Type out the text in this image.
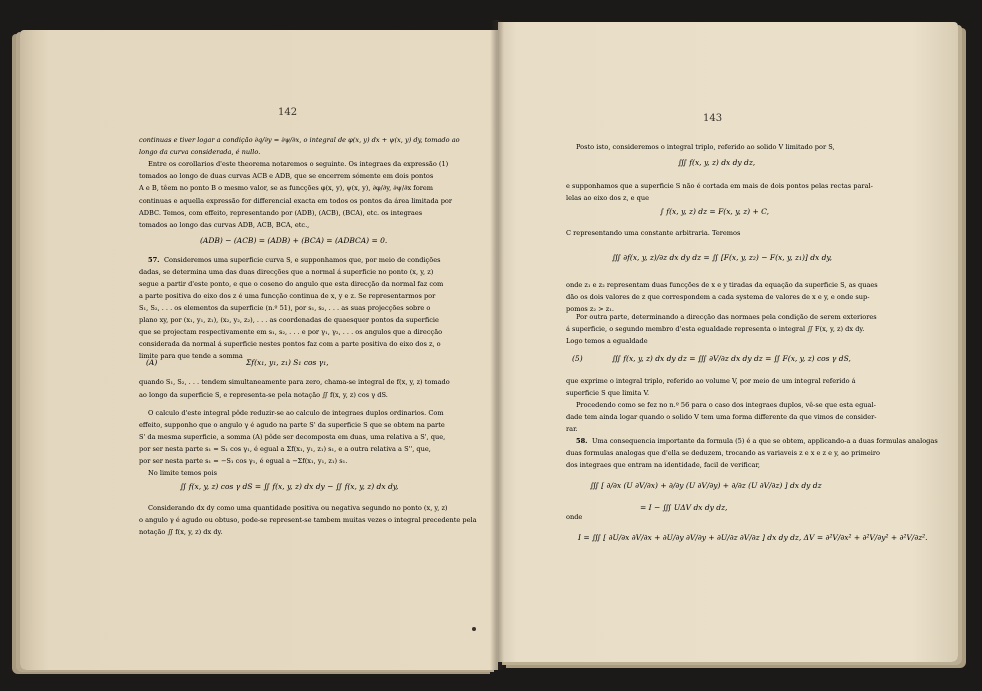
142
143
continuas e tiver logar a condição ∂q/∂y = ∂ψ/∂x, o integral de φ(x, y) dx + ψ(x, y) dy, tomado ao
longo da curva considerada, é nullo.
Entre os corollarios d'este theorema notaremos o seguinte. Os integraes da expressão (1)
tomados ao longo de duas curvas ACB e ADB, que se encerrem sómente em dois pontos
A e B, têem no ponto B o mesmo valor, se as funcções φ(x, y), ψ(x, y), ∂φ/∂y, ∂ψ/∂x forem
continuas e aquella expressão for differencial exacta em todos os pontos da área limitada por
ADBC. Temos, com effeito, representando por (ADB), (ACB), (BCA), etc. os integraes
tomados ao longo das curvas ADB, ACB, BCA, etc.,
(ADB) − (ACB) = (ADB) + (BCA) = (ADBCA) = 0.
57. Consideremos uma superficie curva S, e supponhamos que, por meio de condições
dadas, se determina uma das duas direcções que a normal á superficie no ponto (x, y, z)
segue a partir d'este ponto, e que o coseno do angulo que esta direcção da normal faz com
a parte positiva do eixo dos z é uma funcção continua de x, y e z. Se representarmos por
S₁, S₂, . . . os elementos da superficie (n.º 51), por s₁, s₂, . . . as suas projecções sobre o
plano xy, por (x₁, y₁, z₁), (x₂, y₂, z₂), . . . as coordenadas de quaesquer pontos da superficie
que se projectam respectivamente em s₁, s₂, . . . e por γ₁, γ₂, . . . os angulos que a direcção
considerada da normal á superficie nestes pontos faz com a parte positiva do eixo dos z, o
limite para que tende a somma
(A)	Σf(x₁, y₁, z₁) S₁ cos γ₁,
quando S₁, S₂, . . . tendem simultaneamente para zero, chama-se integral de f(x, y, z) tomado
ao longo da superficie S, e representa-se pela notação ∬ f(x, y, z) cos γ dS.
O calculo d'este integral pôde reduzir-se ao calculo de integraes duplos ordinarios. Com
effeito, supponho que o angulo γ é agudo na parte S' da superficie S que se obtem na parte
S' da mesma superficie, a somma (A) pôde ser decomposta em duas, uma relativa a S', que,
por ser nesta parte s₁ = S₁ cos γ₁, é egual a Σf(x₁, y₁, z₁) s₁, e a outra relativa a S'', que,
por ser nesta parte s₁ = −S₁ cos γ₁, é egual a −Σf(x₁, y₁, z₁) s₁.
No limite temos pois
∬ f(x, y, z) cos γ dS = ∬ f(x, y, z) dx dy − ∬ f(x, y, z) dx dy,
Considerando dx dy como uma quantidade positiva ou negativa segundo no ponto (x, y, z)
o angulo γ é agudo ou obtuso, pode-se represent-se tambem muitas vezes o integral precedente pela
notação ∬ f(x, y, z) dx dy.
Posto isto, consideremos o integral triplo, referido ao solido V limitado por S,
∭ f(x, y, z) dx dy dz,
e supponhamos que a superficie S não é cortada em mais de dois pontos pelas rectas paral-
lelas ao eixo dos z, e que
∫ f(x, y, z) dz = F(x, y, z) + C,
C representando uma constante arbitraria. Teremos
∭ ∂f(x, y, z)/∂z dx dy dz = ∬ [F(x, y, z₂) − F(x, y, z₁)] dx dy,
onde z₁ e z₂ representam duas funcções de x e y tiradas da equação da superficie S, as quaes
dão os dois valores de z que correspondem a cada systema de valores de x e y, e onde sup-
pomos z₂ > z₁.
Por outra parte, determinando a direcção das normaes pela condição de serem exteriores
á superficie, o segundo membro d'esta egualdade representa o integral ∬ F(x, y, z) dx dy.
Logo temos a egualdade
(5)	∭ f(x, y, z) dx dy dz = ∭ ∂V/∂z dx dy dz = ∬ F(x, y, z) cos γ dS,
que exprime o integral triplo, referido ao volume V, por meio de um integral referido á
superficie S que limita V.
Procedendo como se fez no n.º 56 para o caso dos integraes duplos, vê-se que esta egual-
dade tem ainda logar quando o solido V tem uma forma differente da que vimos de consider-
rar.
58. Uma consequencia importante da formula (5) é a que se obtem, applicando-a a duas formulas analogas
duas formulas analogas que d'ella se deduzem, trocando as variaveis z e x e z e y, ao primeiro
dos integraes que entram na identidade, facil de verificar,
∭ [ ∂/∂x (U ∂V/∂x) + ∂/∂y (U ∂V/∂y) + ∂/∂z (U ∂V/∂z) ] dx dy dz
= I − ∭ UΔV dx dy dz,
onde
I = ∭ [ ∂U/∂x ∂V/∂x + ∂U/∂y ∂V/∂y + ∂U/∂z ∂V/∂z ] dx dy dz, ΔV = ∂²V/∂x² + ∂²V/∂y² + ∂²V/∂z².
